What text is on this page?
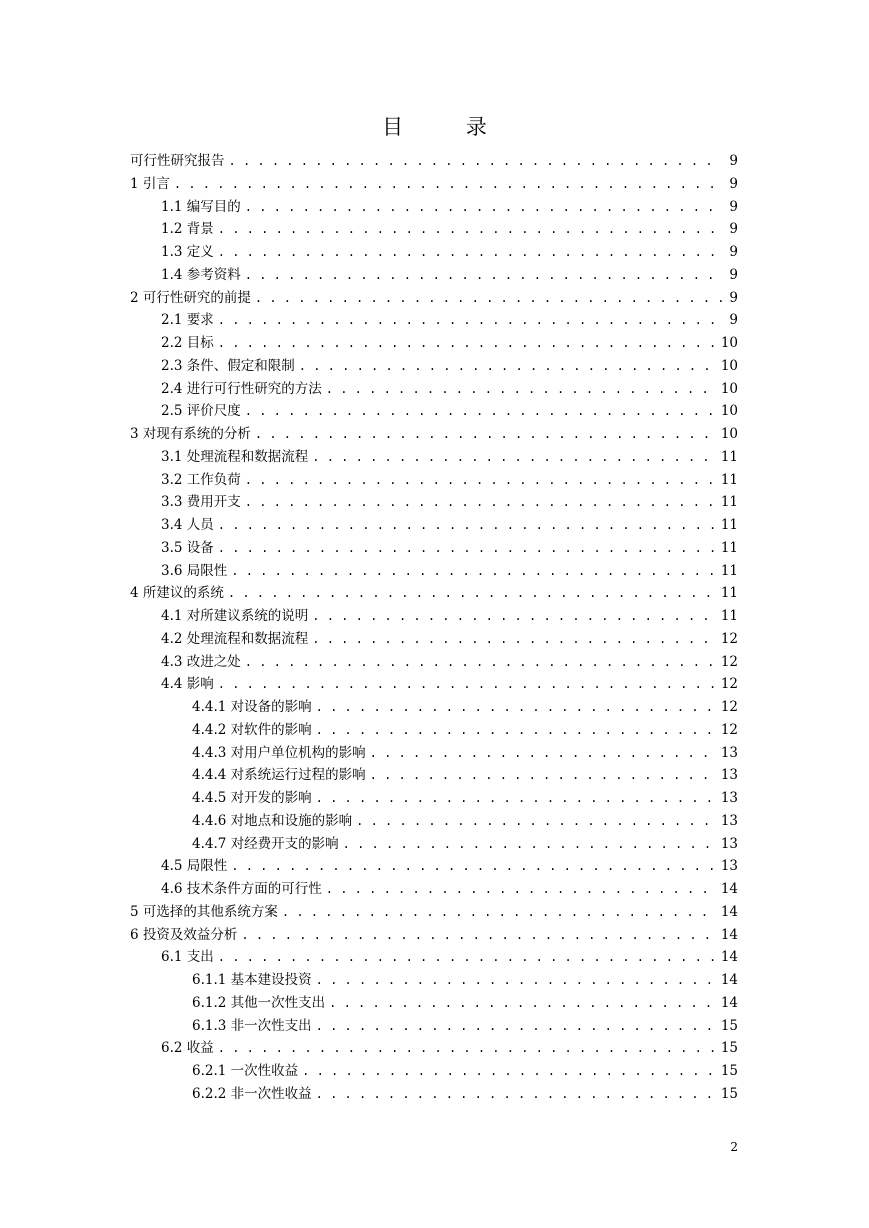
目 录
可行性研究报告 . . .	9
1 引言 . . .	9
1.1 编写目的 . . .	9
1.2 背景 . . .	9
1.3 定义 . . .	9
1.4 参考资料 . . .	9
2 可行性研究的前提 . . .	9
2.1 要求 . . .	9
2.2 目标 . . .	10
2.3 条件、假定和限制 . . .	10
2.4 进行可行性研究的方法 . . .	10
2.5 评价尺度 . . .	10
3 对现有系统的分析 . . .	10
3.1 处理流程和数据流程 . . .	11
3.2 工作负荷 . . .	11
3.3 费用开支 . . .	11
3.4 人员 . . .	11
3.5 设备 . . .	11
3.6 局限性 . . .	11
4 所建议的系统 . . .	11
4.1 对所建议系统的说明 . . .	11
4.2 处理流程和数据流程 . . .	12
4.3 改进之处 . . .	12
4.4 影响 . . .	12
4.4.1 对设备的影响 . . .	12
4.4.2 对软件的影响 . . .	12
4.4.3 对用户单位机构的影响 . . .	13
4.4.4 对系统运行过程的影响 . . .	13
4.4.5 对开发的影响 . . .	13
4.4.6 对地点和设施的影响 . . .	13
4.4.7 对经费开支的影响 . . .	13
4.5 局限性 . . .	13
4.6 技术条件方面的可行性 . . .	14
5 可选择的其他系统方案 . . .	14
6 投资及效益分析 . . .	14
6.1 支出 . . .	14
6.1.1 基本建设投资 . . .	14
6.1.2 其他一次性支出 . . .	14
6.1.3 非一次性支出 . . .	15
6.2 收益 . . .	15
6.2.1 一次性收益 . . .	15
6.2.2 非一次性收益 . . .	15
2
